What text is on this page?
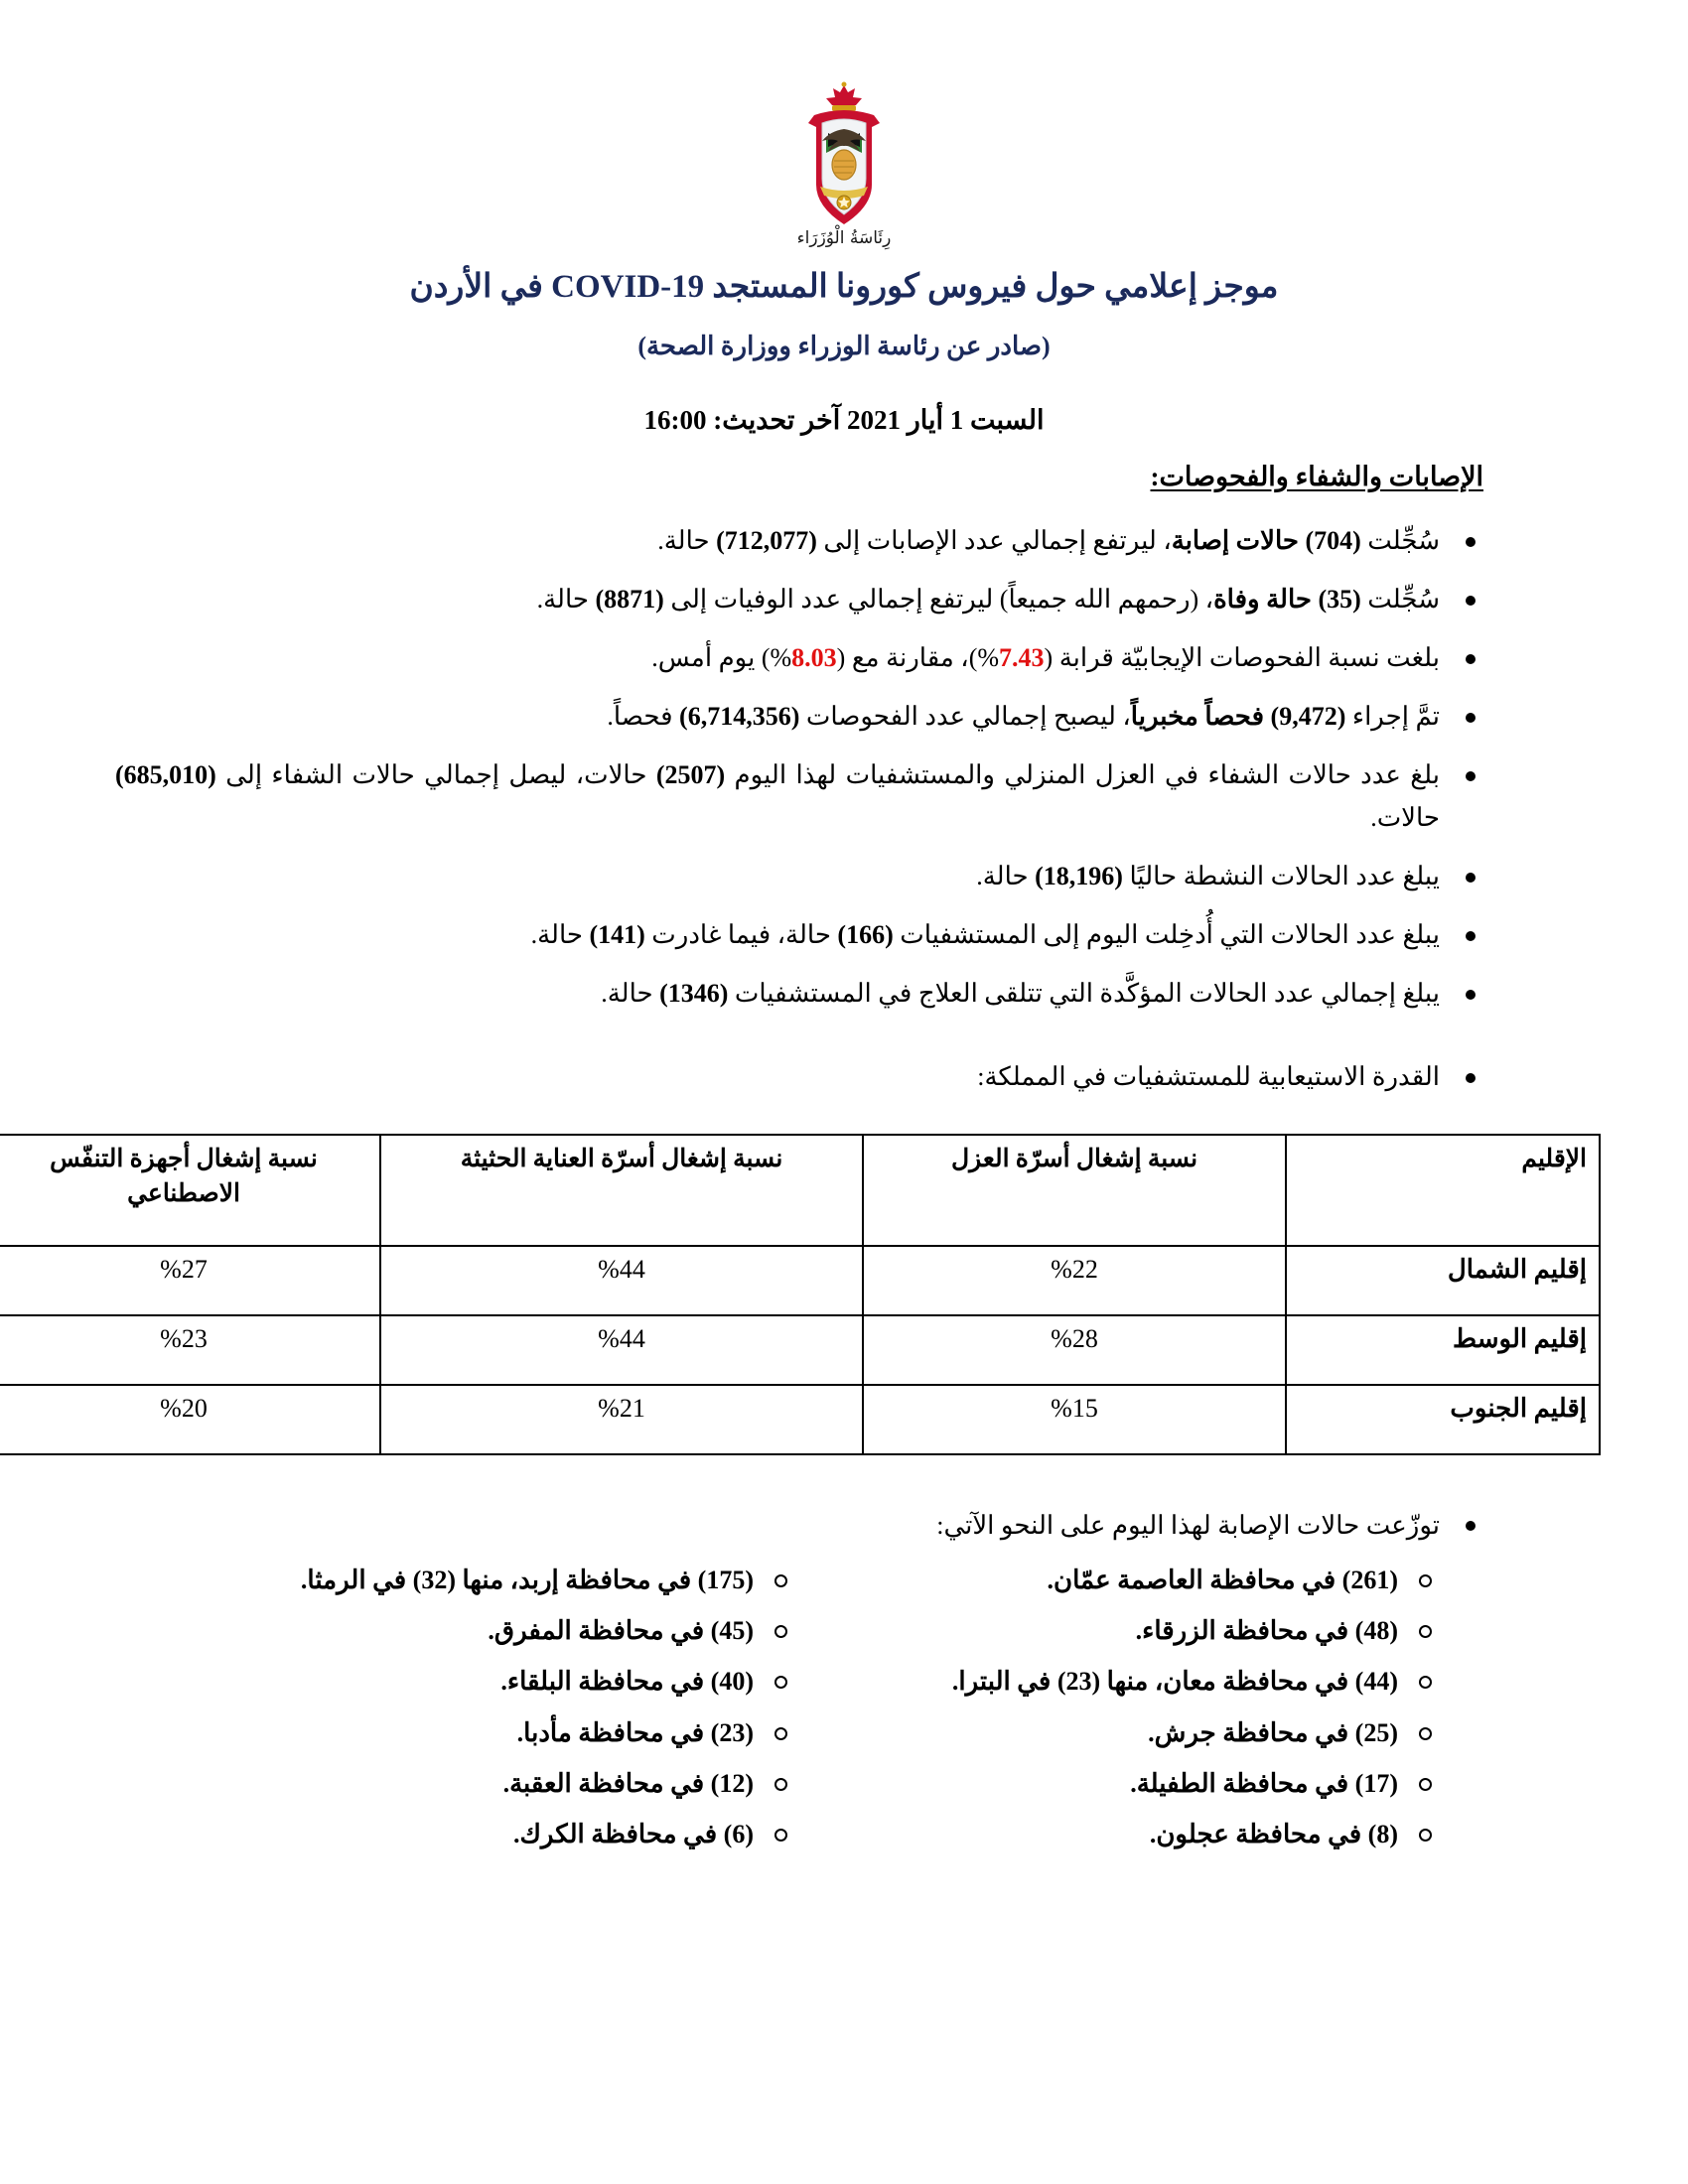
رِئَاسَةُ الْوُزَرَاء
موجز إعلامي حول فيروس كورونا المستجد COVID-19 في الأردن
(صادر عن رئاسة الوزراء ووزارة الصحة)
السبت 1 أيار 2021 آخر تحديث: 16:00
الإصابات والشفاء والفحوصات:
سُجِّلت (704) حالات إصابة، ليرتفع إجمالي عدد الإصابات إلى (712,077) حالة.
سُجِّلت (35) حالة وفاة، (رحمهم الله جميعاً) ليرتفع إجمالي عدد الوفيات إلى (8871) حالة.
بلغت نسبة الفحوصات الإيجابيّة قرابة (7.43%)، مقارنة مع (8.03%) يوم أمس.
تمَّ إجراء (9,472) فحصاً مخبرياً، ليصبح إجمالي عدد الفحوصات (6,714,356) فحصاً.
بلغ عدد حالات الشفاء في العزل المنزلي والمستشفيات لهذا اليوم (2507) حالات، ليصل إجمالي حالات الشفاء إلى (685,010) حالات.
يبلغ عدد الحالات النشطة حاليًا (18,196) حالة.
يبلغ عدد الحالات التي أُدخِلت اليوم إلى المستشفيات (166) حالة، فيما غادرت (141) حالة.
يبلغ إجمالي عدد الحالات المؤكَّدة التي تتلقى العلاج في المستشفيات (1346) حالة.
القدرة الاستيعابية للمستشفيات في المملكة:
الإقليم	نسبة إشغال أسرّة العزل	نسبة إشغال أسرّة العناية الحثيثة	نسبة إشغال أجهزة التنفّس الاصطناعي
إقليم الشمال	%22	%44	%27
إقليم الوسط	%28	%44	%23
إقليم الجنوب	%15	%21	%20
توزّعت حالات الإصابة لهذا اليوم على النحو الآتي:
(261) في محافظة العاصمة عمّان.
(48) في محافظة الزرقاء.
(44) في محافظة معان، منها (23) في البترا.
(25) في محافظة جرش.
(17) في محافظة الطفيلة.
(8) في محافظة عجلون.
(175) في محافظة إربد، منها (32) في الرمثا.
(45) في محافظة المفرق.
(40) في محافظة البلقاء.
(23) في محافظة مأدبا.
(12) في محافظة العقبة.
(6) في محافظة الكرك.
